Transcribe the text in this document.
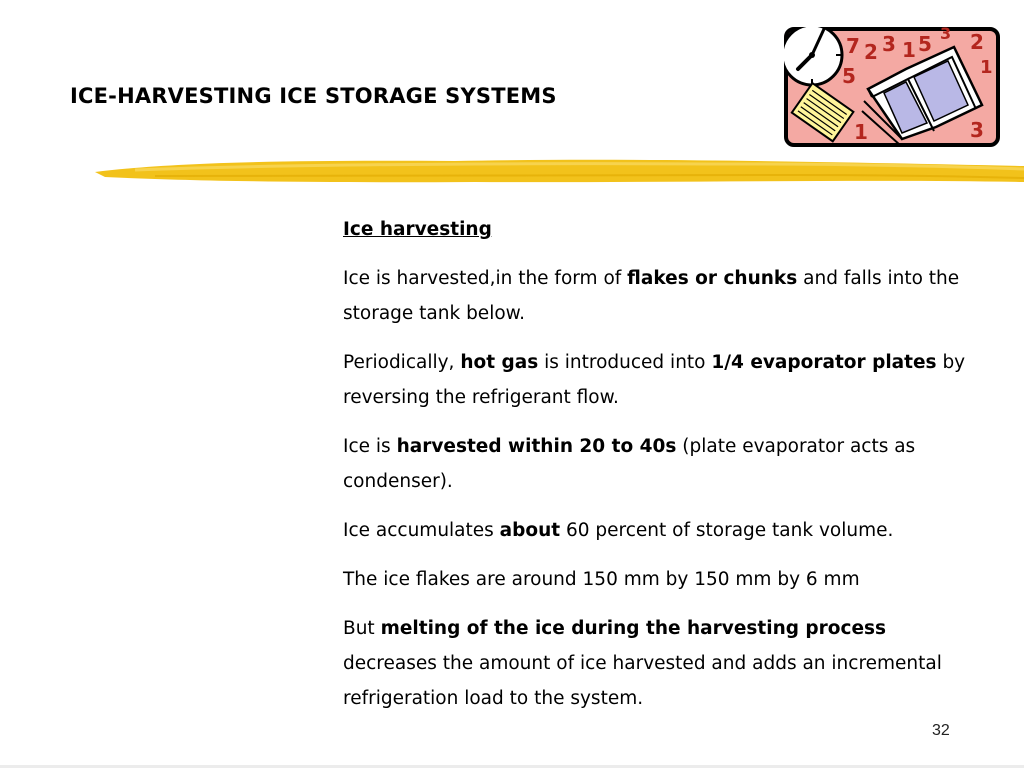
ICE-HARVESTING ICE STORAGE SYSTEMS
7 2 3 1 5 3 2
1
5
1	3

Ice harvesting

Ice is harvested,in the form of flakes or chunks and falls into the storage tank below.

Periodically, hot gas is introduced into 1/4 evaporator plates by reversing the refrigerant flow.

Ice is harvested within 20 to 40s (plate evaporator acts as condenser).

Ice accumulates about 60 percent of storage tank volume.

The ice flakes are around 150 mm by 150 mm by 6 mm

But melting of the ice during the harvesting process decreases the amount of ice harvested and adds an incremental refrigeration load to the system.

32
